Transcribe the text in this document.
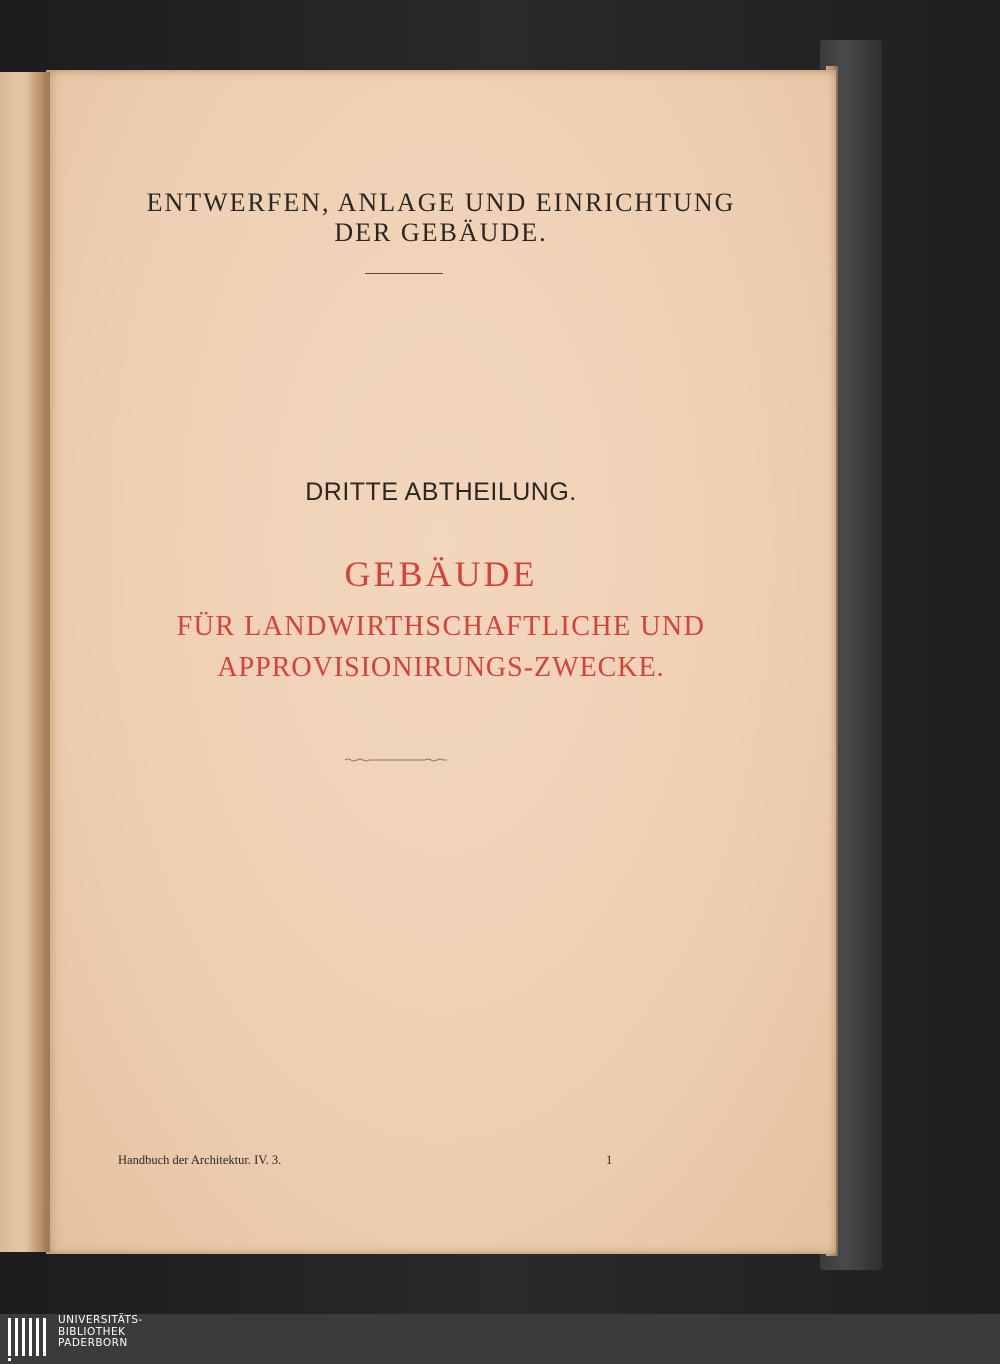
ENTWERFEN, ANLAGE UND EINRICHTUNG
DER GEBÄUDE.
DRITTE ABTHEILUNG.
GEBÄUDE
FÜR LANDWIRTHSCHAFTLICHE UND
APPROVISIONIRUNGS-ZWECKE.

Handbuch der Architektur. IV. 3.	1

UNIVERSITÄTS-
BIBLIOTHEK
PADERBORN
